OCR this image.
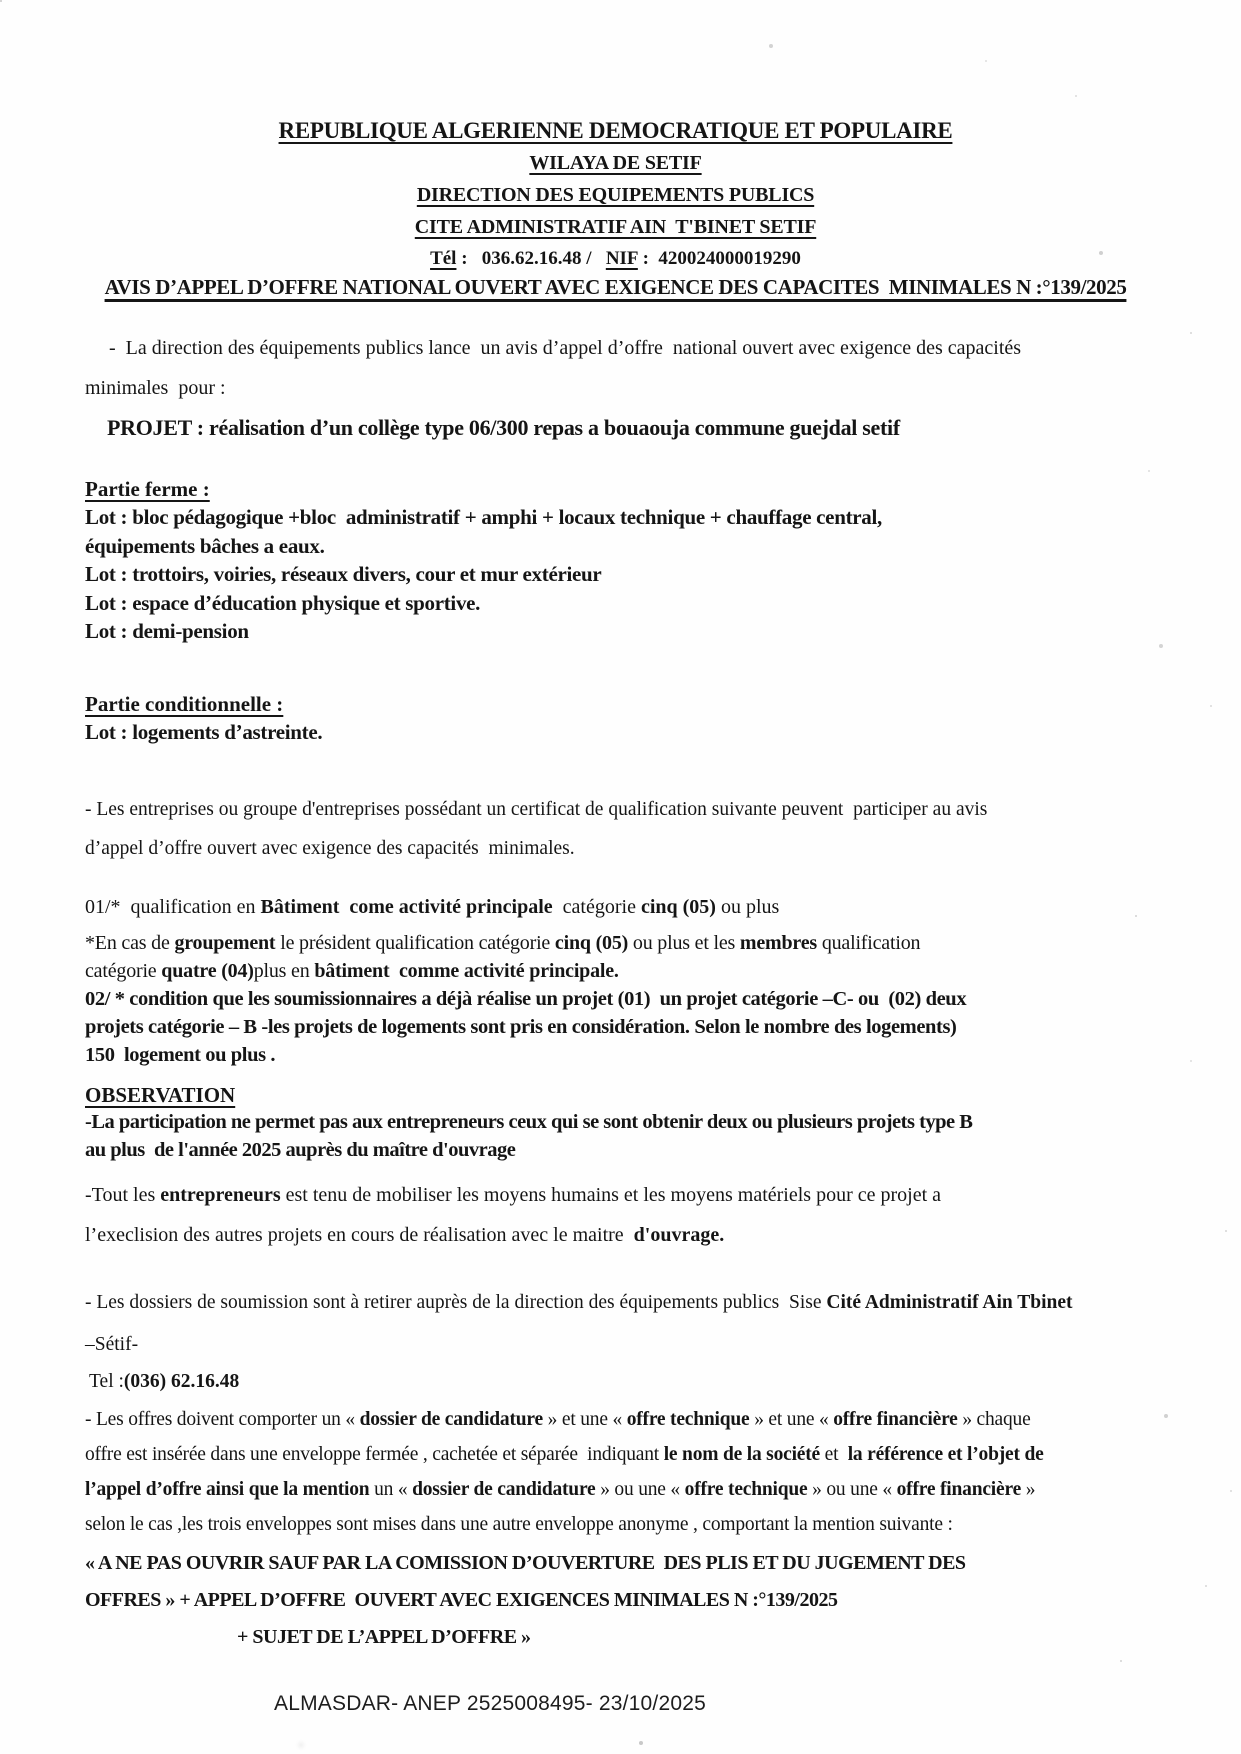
REPUBLIQUE ALGERIENNE DEMOCRATIQUE ET POPULAIRE
WILAYA DE SETIF
DIRECTION DES EQUIPEMENTS PUBLICS
CITE ADMINISTRATIF AIN  T'BINET SETIF
Tél :   036.62.16.48 /   NIF :  420024000019290
AVIS D’APPEL D’OFFRE NATIONAL OUVERT AVEC EXIGENCE DES CAPACITES  MINIMALES N :°139/2025
-  La direction des équipements publics lance  un avis d’appel d’offre  national ouvert avec exigence des capacités
minimales  pour :
PROJET : réalisation d’un collège type 06/300 repas a bouaouja commune guejdal setif
Partie ferme :
Lot : bloc pédagogique +bloc  administratif + amphi + locaux technique + chauffage central,
équipements bâches a eaux.
Lot : trottoirs, voiries, réseaux divers, cour et mur extérieur
Lot : espace d’éducation physique et sportive.
Lot : demi-pension
Partie conditionnelle :
Lot : logements d’astreinte.
- Les entreprises ou groupe d'entreprises possédant un certificat de qualification suivante peuvent  participer au avis
d’appel d’offre ouvert avec exigence des capacités  minimales.
01/*  qualification en Bâtiment  come activité principale  catégorie cinq (05) ou plus
*En cas de groupement le président qualification catégorie cinq (05) ou plus et les membres qualification
catégorie quatre (04)plus en bâtiment  comme activité principale.
02/ * condition que les soumissionnaires a déjà réalise un projet (01)  un projet catégorie –C- ou  (02) deux
projets catégorie – B -les projets de logements sont pris en considération. Selon le nombre des logements)
150  logement ou plus .
OBSERVATION
-La participation ne permet pas aux entrepreneurs ceux qui se sont obtenir deux ou plusieurs projets type B
au plus  de l'année 2025 auprès du maître d'ouvrage
-Tout les entrepreneurs est tenu de mobiliser les moyens humains et les moyens matériels pour ce projet a
l’execlision des autres projets en cours de réalisation avec le maitre  d'ouvrage.
- Les dossiers de soumission sont à retirer auprès de la direction des équipements publics  Sise Cité Administratif Ain Tbinet
–Sétif-
Tel :(036) 62.16.48
- Les offres doivent comporter un « dossier de candidature » et une « offre technique » et une « offre financière » chaque
offre est insérée dans une enveloppe fermée , cachetée et séparée  indiquant le nom de la société et  la référence et l’objet de
l’appel d’offre ainsi que la mention un « dossier de candidature » ou une « offre technique » ou une « offre financière »
selon le cas ,les trois enveloppes sont mises dans une autre enveloppe anonyme , comportant la mention suivante :
« A NE PAS OUVRIR SAUF PAR LA COMISSION D’OUVERTURE  DES PLIS ET DU JUGEMENT DES
OFFRES » + APPEL D’OFFRE  OUVERT AVEC EXIGENCES MINIMALES N :°139/2025
+ SUJET DE L’APPEL D’OFFRE »
ALMASDAR- ANEP 2525008495- 23/10/2025
